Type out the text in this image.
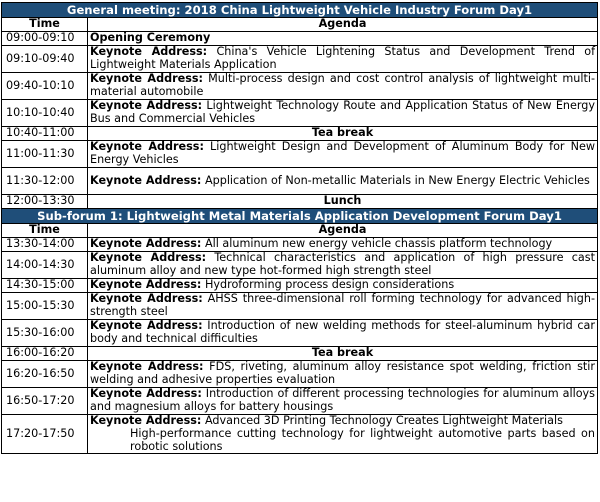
General meeting: 2018 China Lightweight Vehicle Industry Forum Day1	
Time	Agenda
09:00-09:10	Opening Ceremony
09:10-09:40	Keynote Address: China's Vehicle Lightening Status and Development Trend of Lightweight Materials Application
09:40-10:10	Keynote Address: Multi-process design and cost control analysis of lightweight multi-material automobile
10:10-10:40	Keynote Address: Lightweight Technology Route and Application Status of New Energy Bus and Commercial Vehicles
10:40-11:00	Tea break
11:00-11:30	Keynote Address: Lightweight Design and Development of Aluminum Body for New Energy Vehicles
11:30-12:00	Keynote Address: Application of Non-metallic Materials in New Energy Electric Vehicles
12:00-13:30	Lunch
Sub-forum 1: Lightweight Metal Materials Application Development Forum Day1	
Time	Agenda
13:30-14:00	Keynote Address: All aluminum new energy vehicle chassis platform technology
14:00-14:30	Keynote Address: Technical characteristics and application of high pressure cast aluminum alloy and new type hot-formed high strength steel
14:30-15:00	Keynote Address: Hydroforming process design considerations
15:00-15:30	Keynote Address: AHSS three-dimensional roll forming technology for advanced high-strength steel
15:30-16:00	Keynote Address: Introduction of new welding methods for steel-aluminum hybrid car body and technical difficulties
16:00-16:20	Tea break
16:20-16:50	Keynote Address: FDS, riveting, aluminum alloy resistance spot welding, friction stir welding and adhesive properties evaluation
16:50-17:20	Keynote Address: Introduction of different processing technologies for aluminum alloys and magnesium alloys for battery housings
17:20-17:50	Keynote Address: Advanced 3D Printing Technology Creates Lightweight Materials
High-performance cutting technology for lightweight automotive parts based on robotic solutions
